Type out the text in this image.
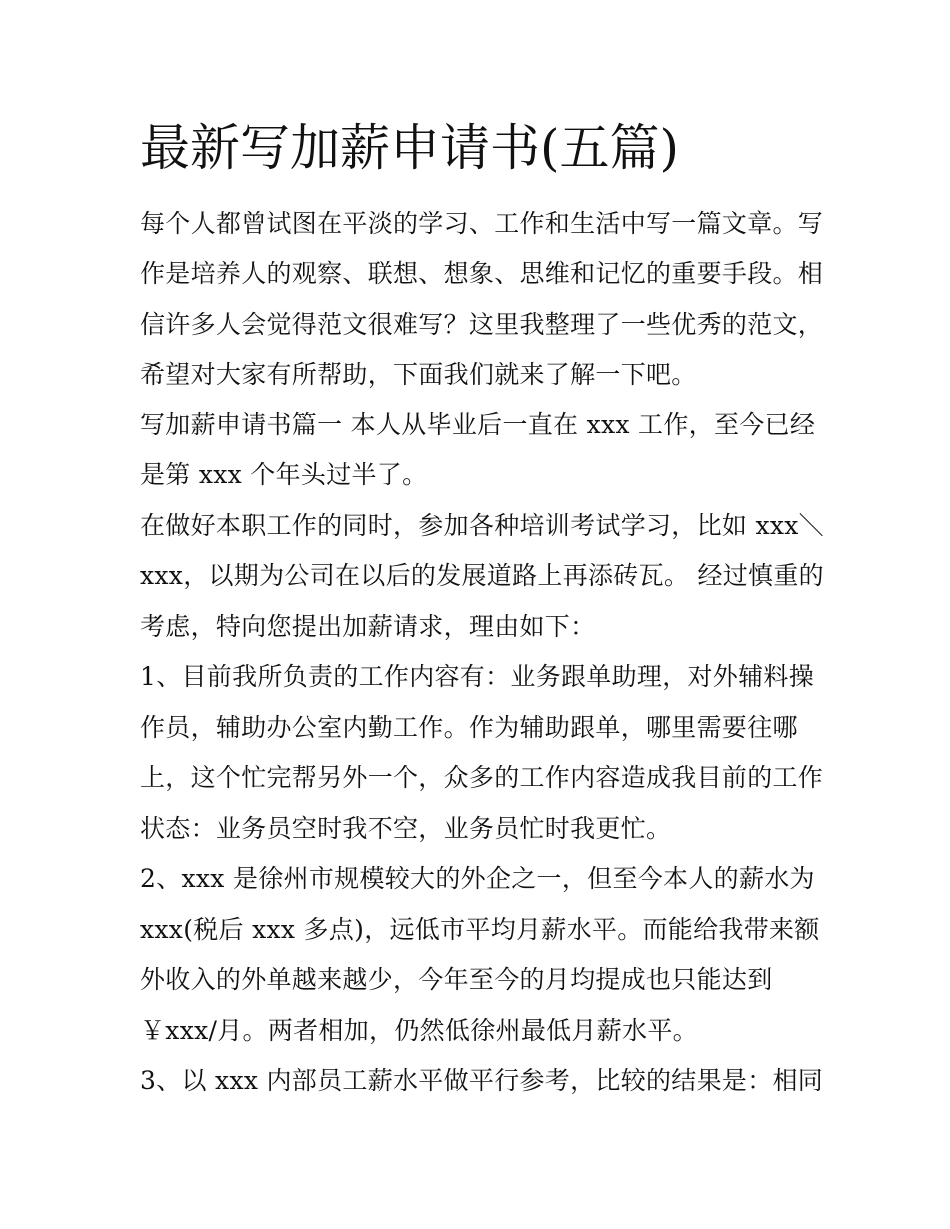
最新写加薪申请书(五篇)

每个人都曾试图在平淡的学习、工作和生活中写一篇文章。写

作是培养人的观察、联想、想象、思维和记忆的重要手段。相

信许多人会觉得范文很难写？这里我整理了一些优秀的范文，

希望对大家有所帮助，下面我们就来了解一下吧。

写加薪申请书篇一 本人从毕业后一直在 xxx 工作，至今已经

是第 xxx 个年头过半了。

在做好本职工作的同时，参加各种培训考试学习，比如 xxx＼

xxx，以期为公司在以后的发展道路上再添砖瓦。 经过慎重的

考虑，特向您提出加薪请求，理由如下：

1、目前我所负责的工作内容有：业务跟单助理，对外辅料操

作员，辅助办公室内勤工作。作为辅助跟单，哪里需要往哪

上，这个忙完帮另外一个，众多的工作内容造成我目前的工作

状态：业务员空时我不空，业务员忙时我更忙。

2、xxx 是徐州市规模较大的外企之一，但至今本人的薪水为

xxx(税后 xxx 多点)，远低市平均月薪水平。而能给我带来额

外收入的外单越来越少，今年至今的月均提成也只能达到

￥xxx/月。两者相加，仍然低徐州最低月薪水平。

3、以 xxx 内部员工薪水平做平行参考，比较的结果是：相同
